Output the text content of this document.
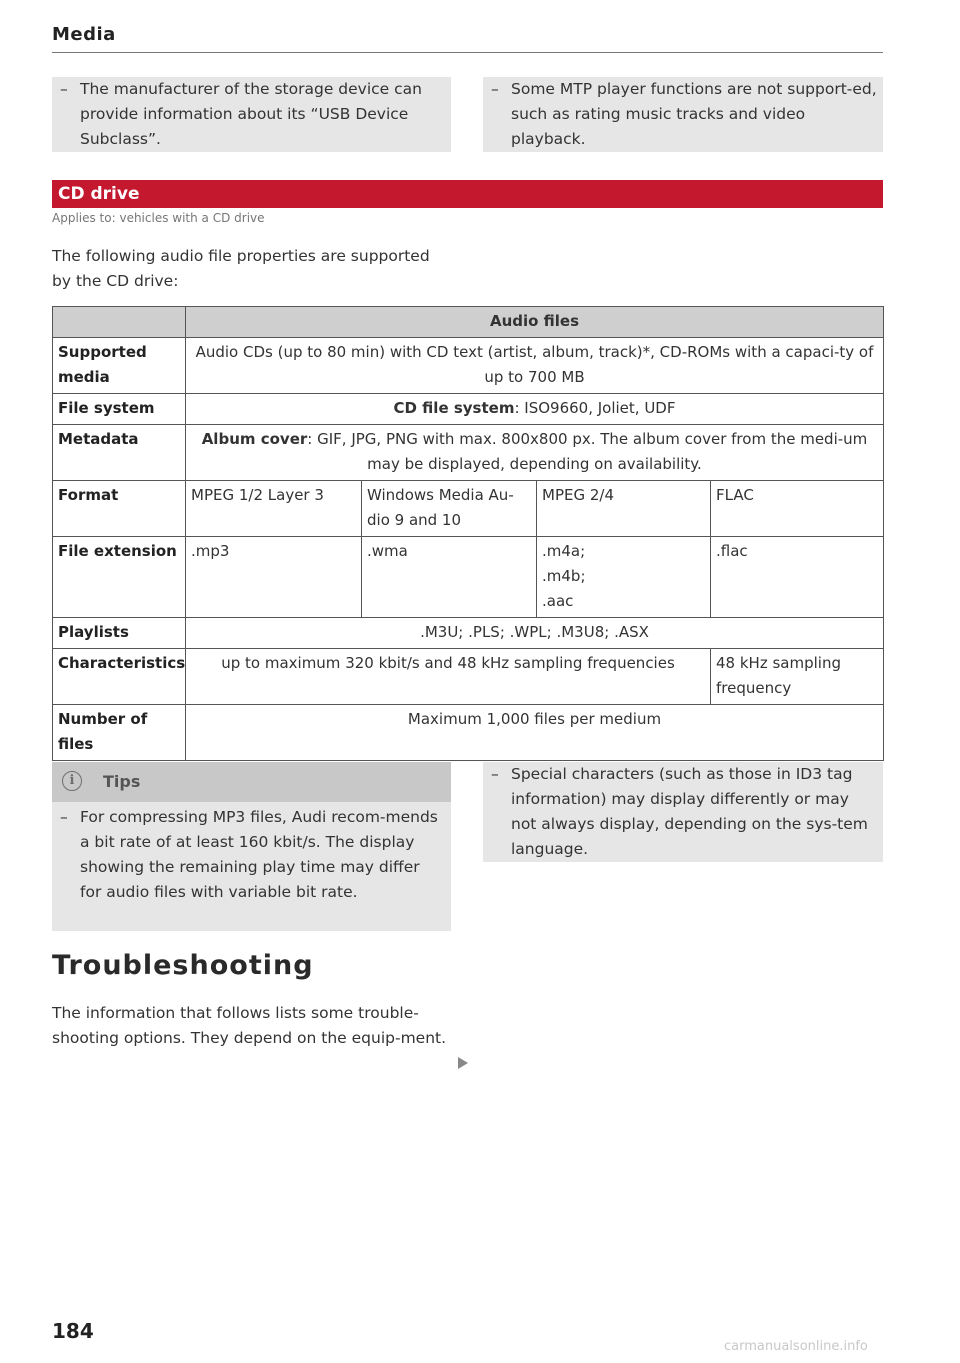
Media
– The manufacturer of the storage device can provide information about its “USB Device Subclass”.
– Some MTP player functions are not support-ed, such as rating music tracks and video playback.
CD drive
Applies to: vehicles with a CD drive
The following audio file properties are supported by the CD drive:
	Audio files			
Supported media	Audio CDs (up to 80 min) with CD text (artist, album, track)*, CD-ROMs with a capaci-ty of up to 700 MB			
File system	CD file system: ISO9660, Joliet, UDF			
Metadata	Album cover: GIF, JPG, PNG with max. 800x800 px. The album cover from the medi-um may be displayed, depending on availability.			
Format	MPEG 1/2 Layer 3	Windows Media Au-dio 9 and 10	MPEG 2/4	FLAC
File extension	.mp3	.wma	.m4a;
.m4b;
.aac	.flac
Playlists	.M3U; .PLS; .WPL; .M3U8; .ASX			
Characteristics	up to maximum 320 kbit/s and 48 kHz sampling frequencies			48 kHz sampling frequency
Number of files	Maximum 1,000 files per medium			
i	Tips
– For compressing MP3 files, Audi recom-mends a bit rate of at least 160 kbit/s. The display showing the remaining play time may differ for audio files with variable bit rate.
– Special characters (such as those in ID3 tag information) may display differently or may not always display, depending on the sys-tem language.
Troubleshooting
The information that follows lists some trouble-shooting options. They depend on the equip-ment.
184
carmanualsonline.info
